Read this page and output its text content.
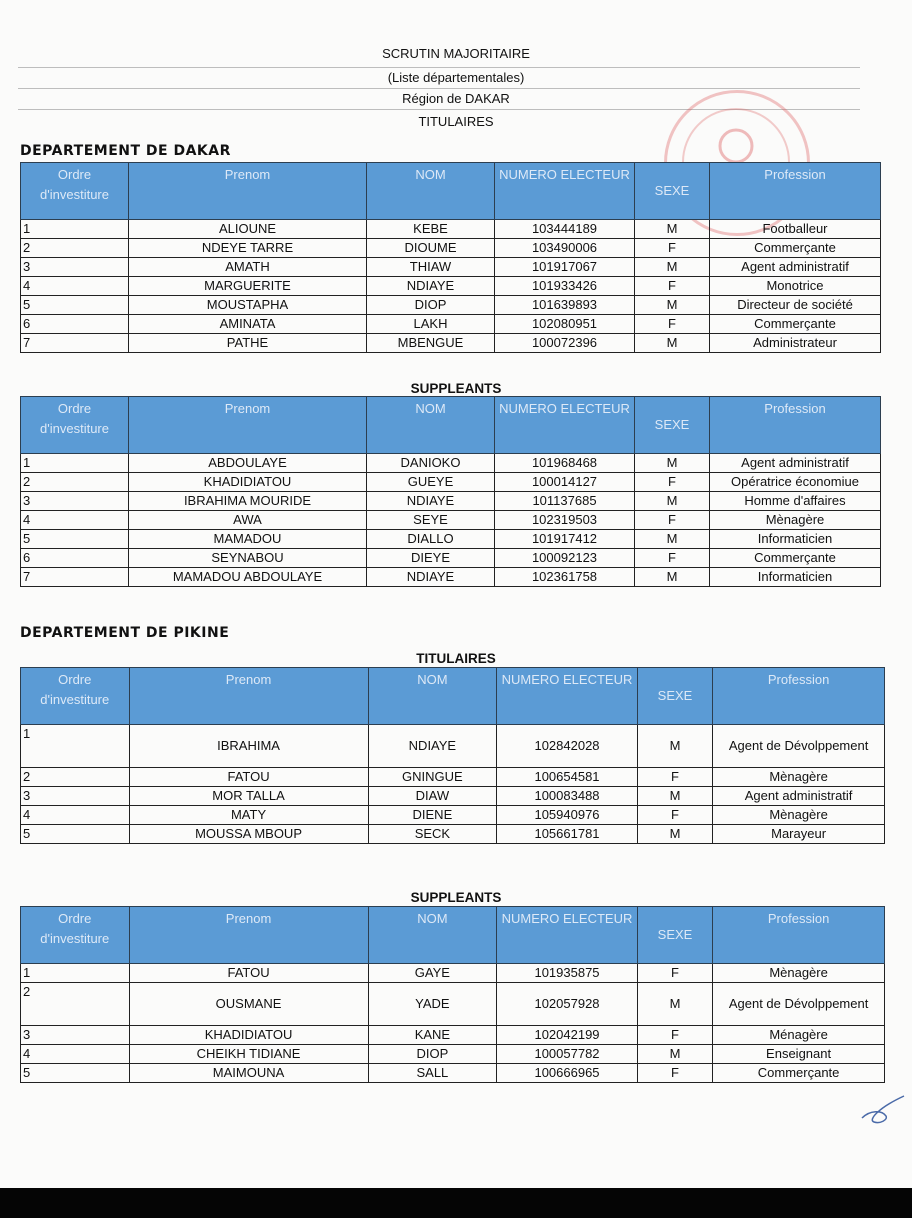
SCRUTIN MAJORITAIRE
(Liste départementales)
Région de DAKAR
TITULAIRES
DEPARTEMENT DE DAKAR
Ordre d'investiture	Prenom	NOM	NUMERO ELECTEUR	SEXE	Profession
1	ALIOUNE	KEBE	103444189	M	Footballeur
2	NDEYE TARRE	DIOUME	103490006	F	Commerçante
3	AMATH	THIAW	101917067	M	Agent administratif
4	MARGUERITE	NDIAYE	101933426	F	Monotrice
5	MOUSTAPHA	DIOP	101639893	M	Directeur de société
6	AMINATA	LAKH	102080951	F	Commerçante
7	PATHE	MBENGUE	100072396	M	Administrateur
SUPPLEANTS
Ordre d'investiture	Prenom	NOM	NUMERO ELECTEUR	SEXE	Profession
1	ABDOULAYE	DANIOKO	101968468	M	Agent administratif
2	KHADIDIATOU	GUEYE	100014127	F	Opératrice économiue
3	IBRAHIMA MOURIDE	NDIAYE	101137685	M	Homme d'affaires
4	AWA	SEYE	102319503	F	Mènagère
5	MAMADOU	DIALLO	101917412	M	Informaticien
6	SEYNABOU	DIEYE	100092123	F	Commerçante
7	MAMADOU ABDOULAYE	NDIAYE	102361758	M	Informaticien
DEPARTEMENT DE PIKINE
TITULAIRES
Ordre d'investiture	Prenom	NOM	NUMERO ELECTEUR	SEXE	Profession
1	IBRAHIMA	NDIAYE	102842028	M	Agent de Dévolppement
2	FATOU	GNINGUE	100654581	F	Mènagère
3	MOR TALLA	DIAW	100083488	M	Agent administratif
4	MATY	DIENE	105940976	F	Mènagère
5	MOUSSA MBOUP	SECK	105661781	M	Marayeur
SUPPLEANTS
Ordre d'investiture	Prenom	NOM	NUMERO ELECTEUR	SEXE	Profession
1	FATOU	GAYE	101935875	F	Mènagère
2	OUSMANE	YADE	102057928	M	Agent de Dévolppement
3	KHADIDIATOU	KANE	102042199	F	Ménagère
4	CHEIKH TIDIANE	DIOP	100057782	M	Enseignant
5	MAIMOUNA	SALL	100666965	F	Commerçante
